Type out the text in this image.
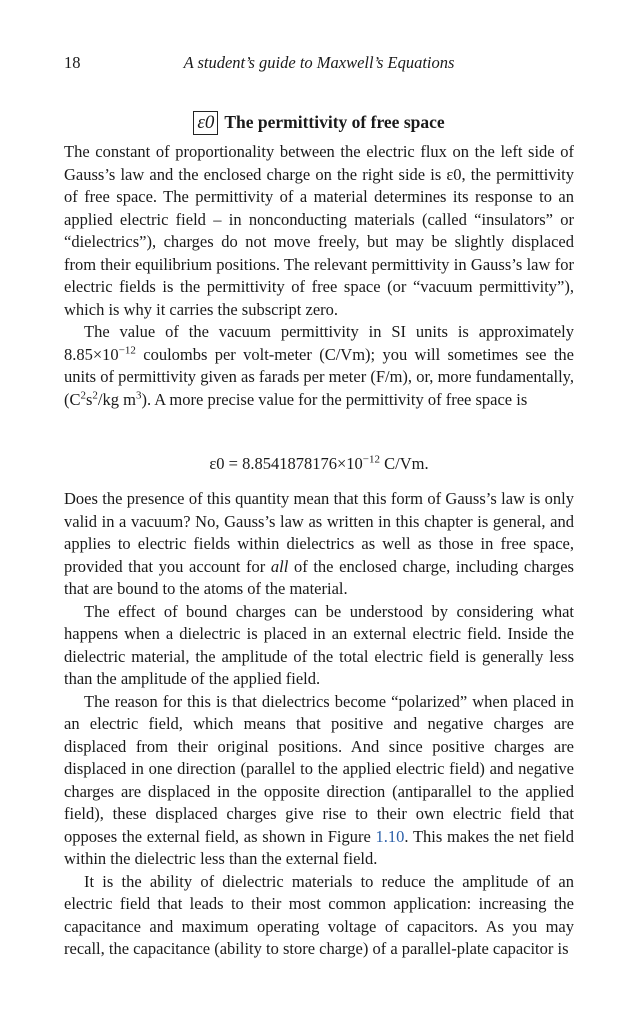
18	A student’s guide to Maxwell’s Equations
ε0 The permittivity of free space

The constant of proportionality between the electric flux on the left side of Gauss’s law and the enclosed charge on the right side is ε0, the permittivity of free space. The permittivity of a material determines its response to an applied electric field – in nonconducting materials (called “insulators” or “dielectrics”), charges do not move freely, but may be slightly displaced from their equilibrium positions. The relevant permittivity in Gauss’s law for electric fields is the permittivity of free space (or “vacuum permittivity”), which is why it carries the subscript zero.

The value of the vacuum permittivity in SI units is approximately $8.85\times 10^{-12}$ coulombs per volt-meter (C/Vm); you will sometimes see the units of permittivity given as farads per meter (F/m), or, more fundamentally, ($C^2s^2/kg$ $m^3$). A more precise value for the permittivity of free space is

$\varepsilon 0 = 8.8541878176\times 10^{-12}$ C/Vm.

Does the presence of this quantity mean that this form of Gauss’s law is only valid in a vacuum? No, Gauss’s law as written in this chapter is general, and applies to electric fields within dielectrics as well as those in free space, provided that you account for all of the enclosed charge, including charges that are bound to the atoms of the material.

The effect of bound charges can be understood by considering what happens when a dielectric is placed in an external electric field. Inside the dielectric material, the amplitude of the total electric field is generally less than the amplitude of the applied field.

The reason for this is that dielectrics become “polarized” when placed in an electric field, which means that positive and negative charges are displaced from their original positions. And since positive charges are displaced in one direction (parallel to the applied electric field) and negative charges are displaced in the opposite direction (antiparallel to the applied field), these displaced charges give rise to their own electric field that opposes the external field, as shown in Figure 1.10. This makes the net field within the dielectric less than the external field.

It is the ability of dielectric materials to reduce the amplitude of an electric field that leads to their most common application: increasing the capacitance and maximum operating voltage of capacitors. As you may recall, the capacitance (ability to store charge) of a parallel-plate capacitor is
